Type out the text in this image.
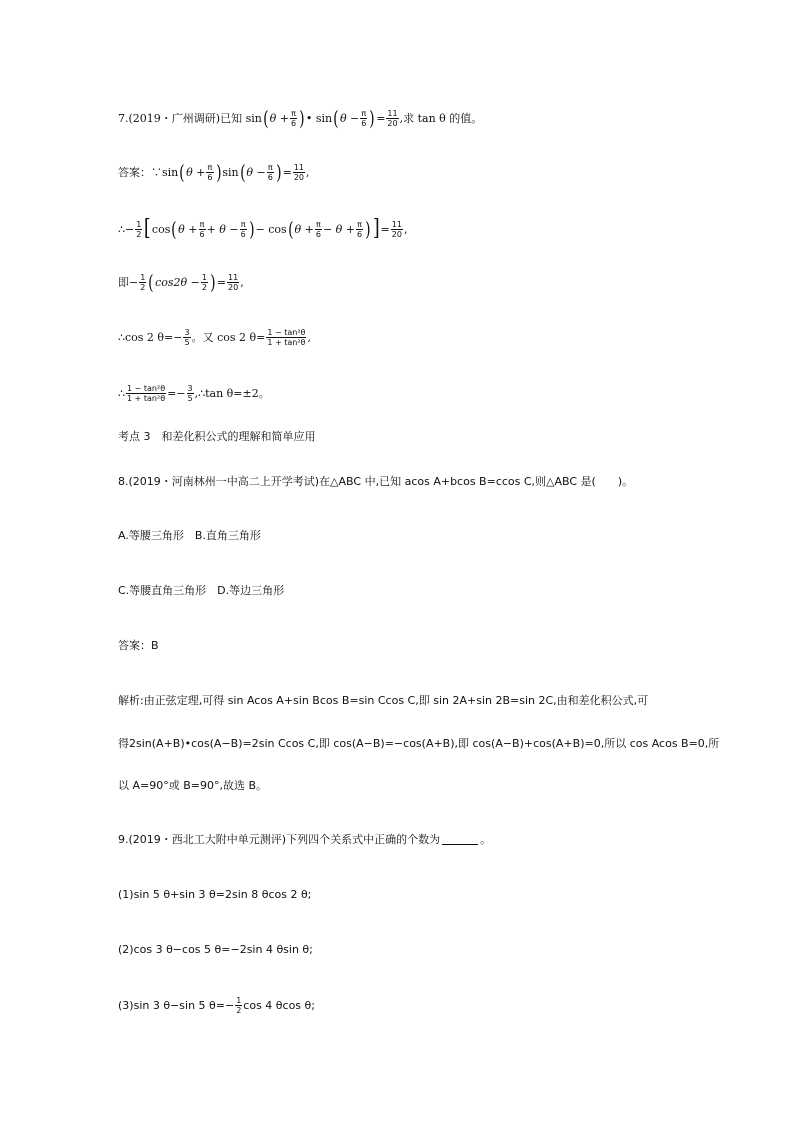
7.(2019・广州调研)已知 sin ( $\theta + \frac{\pi}{6}$ ) • sin ( $\theta - \frac{\pi}{6}$ ) = $\frac{11}{20}$ ,求 tan θ 的值。
答案：∵sin ( $\theta + \frac{\pi}{6}$ ) sin ( $\theta - \frac{\pi}{6}$ ) = $\frac{11}{20}$ ,
∴− $\frac{1}{2}$ [ cos ( $\theta + \frac{\pi}{6} + \theta - \frac{\pi}{6}$ ) − cos ( $\theta + \frac{\pi}{6} - \theta + \frac{\pi}{6}$ ) ] = $\frac{11}{20}$ ,
即− $\frac{1}{2}$ ( $\cos 2\theta - \frac{1}{2}$ ) = $\frac{11}{20}$ ,
∴cos 2 $\theta=- \frac{3}{5}$ 。又 cos 2 $\theta= \frac{\text{1 − tan²θ}}{\text{1 + tan²θ}}$ ,
∴ $\frac{\text{1 − tan²θ}}{\text{1 + tan²θ}} =- \frac{3}{5}$ ,∴tan θ=±2。
考点 3　和差化积公式的理解和简单应用
8.(2019・河南林州一中高二上开学考试)在△ABC 中,已知 acos A+bcos B=ccos C,则△ABC 是(　　)。
A.等腰三角形　B.直角三角形
C.等腰直角三角形　D.等边三角形
答案：B
解析:由正弦定理,可得 sin Acos A+sin Bcos B=sin Ccos C,即 sin 2A+sin 2B=sin 2C,由和差化积公式,可
得2sin(A+B)•cos(A−B)=2sin Ccos C,即 cos(A−B)=−cos(A+B),即 cos(A−B)+cos(A+B)=0,所以 cos Acos B=0,所
以 A=90°或 B=90°,故选 B。
9.(2019・西北工大附中单元测评)下列四个关系式中正确的个数为	。
(1)sin 5 θ+sin 3 θ=2sin 8 θcos 2 θ;
(2)cos 3 θ−cos 5 θ=−2sin 4 θsin θ;
(3)sin 3 θ−sin 5 $\theta=- \frac{1}{2}$ cos 4 θcos θ;
